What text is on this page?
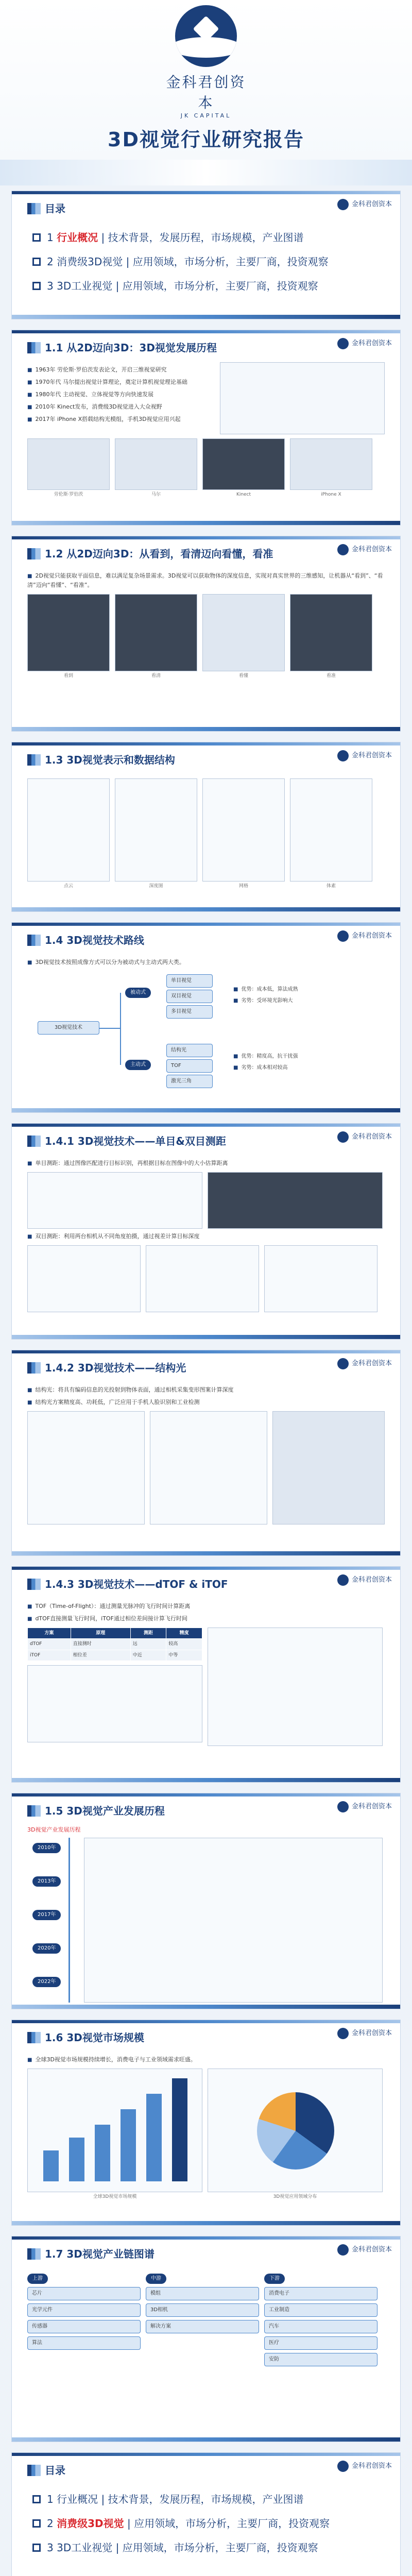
金科君创资本
JK CAPITAL
3D视觉行业研究报告
目录	金科君创资本
1 行业概况 | 技术背景，发展历程，市场规模，产业图谱
2 消费级3D视觉 | 应用领域，市场分析，主要厂商，投资观察
3 3D工业视觉 | 应用领域，市场分析，主要厂商，投资观察
1.1 从2D迈向3D：3D视觉发展历程	金科君创资本
■ 1963年 劳伦斯·罗伯茨发表论文，开启三维视觉研究
■ 1970年代 马尔提出视觉计算理论，奠定计算机视觉理论基础
■ 1980年代 主动视觉、立体视觉等方向快速发展
■ 2010年 Kinect发布，消费级3D视觉进入大众视野
■ 2017年 iPhone X搭载结构光模组，手机3D视觉应用兴起
劳伦斯·罗伯茨	马尔	Kinect	iPhone X
1.2 从2D迈向3D：从看到，看清迈向看懂，看准	金科君创资本
■ 2D视觉只能获取平面信息，难以满足复杂场景需求。3D视觉可以获取物体的深度信息，实现对真实世界的三维感知，让机器从“看到”、“看清”迈向“看懂”、“看准”。
看到	看清	看懂	看准
1.3 3D视觉表示和数据结构	金科君创资本
点云	深度图	网格	体素
1.4 3D视觉技术路线	金科君创资本
■ 3D视觉技术按照成像方式可以分为被动式与主动式两大类。
3D视觉技术
被动式
主动式
单目视觉
双目视觉
多目视觉
结构光
TOF
激光三角
■ 优势：成本低，算法成熟
■ 劣势：受环境光影响大
■ 优势：精度高，抗干扰强
■ 劣势：成本相对较高
1.4.1 3D视觉技术——单目&双目测距	金科君创资本
■ 单目测距：通过图像匹配进行目标识别，再根据目标在图像中的大小估算距离
■ 双目测距：利用两台相机从不同角度拍摄，通过视差计算目标深度
1.4.2 3D视觉技术——结构光	金科君创资本
■ 结构光：将具有编码信息的光投射到物体表面，通过相机采集变形图案计算深度
■ 结构光方案精度高、功耗低，广泛应用于手机人脸识别和工业检测
1.4.3 3D视觉技术——dTOF & iTOF	金科君创资本
■ TOF（Time-of-Flight）：通过测量光脉冲的飞行时间计算距离
■ dTOF直接测量飞行时间，iTOF通过相位差间接计算飞行时间
方案	原理	测距	精度
dTOF	直接测时	远	较高
iTOF	相位差	中近	中等
1.5 3D视觉产业发展历程	金科君创资本
3D视觉产业发展历程
2010年
2013年
2017年
2020年
2022年
1.6 3D视觉市场规模	金科君创资本
■ 全球3D视觉市场规模持续增长，消费电子与工业领域需求旺盛。
全球3D视觉市场规模	3D视觉应用领域分布
1.7 3D视觉产业链图谱	金科君创资本
上游
芯片
光学元件
传感器
算法
中游
模组
3D相机
解决方案
下游
消费电子
工业制造
汽车
医疗
安防
目录	金科君创资本
1 行业概况 | 技术背景，发展历程，市场规模，产业图谱
2 消费级3D视觉 | 应用领域，市场分析，主要厂商，投资观察
3 3D工业视觉 | 应用领域，市场分析，主要厂商，投资观察
